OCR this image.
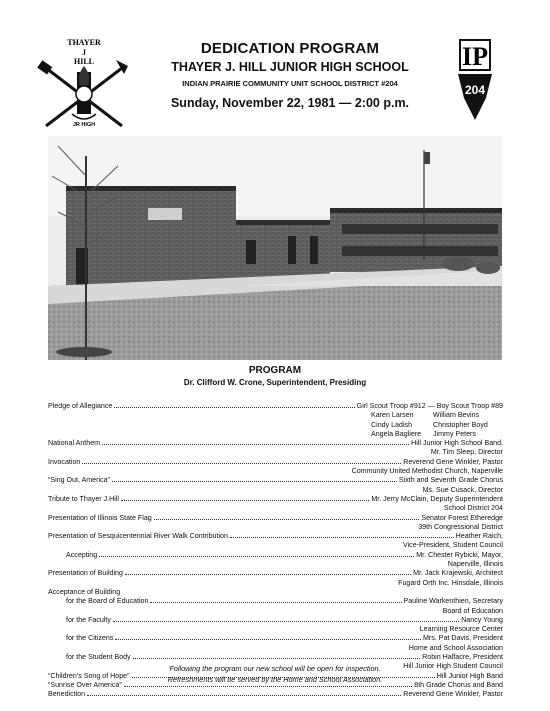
THAYER
J
HILL
JR HIGH
IP
204
DEDICATION PROGRAM
THAYER J. HILL JUNIOR HIGH SCHOOL
INDIAN PRAIRIE COMMUNITY UNIT SCHOOL DISTRICT #204
Sunday, November 22, 1981 — 2:00 p.m.
PROGRAM
Dr. Clifford W. Crone, Superintendent, Presiding
Pledge of Allegiance	Girl Scout Troop #912 — Boy Scout Troop #89
Karen Larsen	William Bevins
Cindy Ladish	Christopher Boyd
Angela Bagliere	Jimmy Peters
National Anthem	Hill Junior High School Band,
Mr. Tim Sleep, Director
Invocation	Reverend Gene Winkler, Pastor
Community United Methodist Church, Naperville
“Sing Out, America”	Sixth and Seventh Grade Chorus
Ms. Sue Cusack, Director
Tribute to Thayer J.Hill	Mr. Jerry McClain, Deputy Superintendent
School District 204
Presentation of Illinois State Flag	Senator Forest Etheredge
39th Congressional District
Presentation of Sesquicentennial River Walk Contribution	Heather Raich,
Vice-President, Student Council
Accepting	Mr. Chester Rybicki, Mayor,
Naperville, Illinois
Presentation of Building	Mr. Jack Krajewski, Architect
Fugard Orth Inc. Hinsdale, Illinois
Acceptance of Building
for the Board of Education	Pauline Warkenthien, Secretary
Board of Education
for the Faculty	Nancy Young
Learning Resource Center
for the Citizens	Mrs. Pat Davis, President
Home and School Association
for the Student Body	Robin Halfacre, President
Hill Junior High Student Council
“Children’s Song of Hope”	Hill Junior High Band
“Sunrise Over America”	8th Grade Chorus and Band
Benediction	Reverend Gene Winkler, Pastor
Following the program our new school will be open for inspection.
Refreshments will be served by the Home and School Association.
